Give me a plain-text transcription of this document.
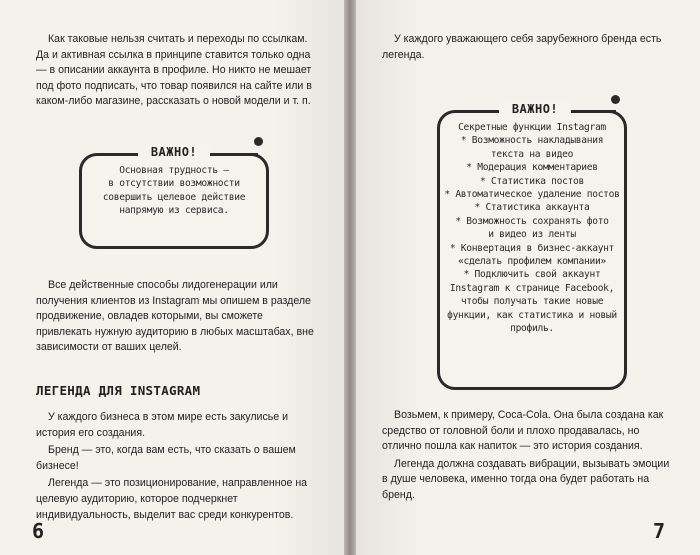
Как таковые нельзя считать и переходы по ссылкам. Да и активная ссылка в принципе ставится только одна — в описании аккаунта в профиле. Но никто не мешает под фото подписать, что товар появился на сайте или в каком-либо магазине, рассказать о новой модели и т. п.

Основная трудность —
в отсутствии возможности
совершить целевое действие
напрямую из сервиса.
ВАЖНО!

Все действенные способы лидогенерации или получения клиентов из Instagram мы опишем в разделе продвижение, овладев которыми, вы сможете привлекать нужную аудиторию в любых масштабах, вне зависимости от ваших целей.

ЛЕГЕНДА ДЛЯ INSTAGRAM

У каждого бизнеса в этом мире есть закулисье и история его создания.

Бренд — это, когда вам есть, что сказать о вашем бизнесе!

Легенда — это позиционирование, направленное на целевую аудиторию, которое подчеркнет индивидуальность, выделит вас среди конкурентов.

6

У каждого уважающего себя зарубежного бренда есть легенда.

Секретные функции Instagram
* Возможность накладывания
текста на видео
* Модерация комментариев
* Статистика постов
* Автоматическое удаление постов
* Статистика аккаунта
* Возможность сохранять фото
и видео из ленты
* Конвертация в бизнес-аккаунт
«сделать профилем компании»
* Подключить свой аккаунт
Instagram к странице Facebook,
чтобы получать такие новые
функции, как статистика и новый
профиль.
ВАЖНО!

Возьмем, к примеру, Coca-Cola. Она была создана как средство от головной боли и плохо продавалась, но отлично пошла как напиток — это история создания.

Легенда должна создавать вибрации, вызывать эмоции в душе человека, именно тогда она будет работать на бренд.

7
